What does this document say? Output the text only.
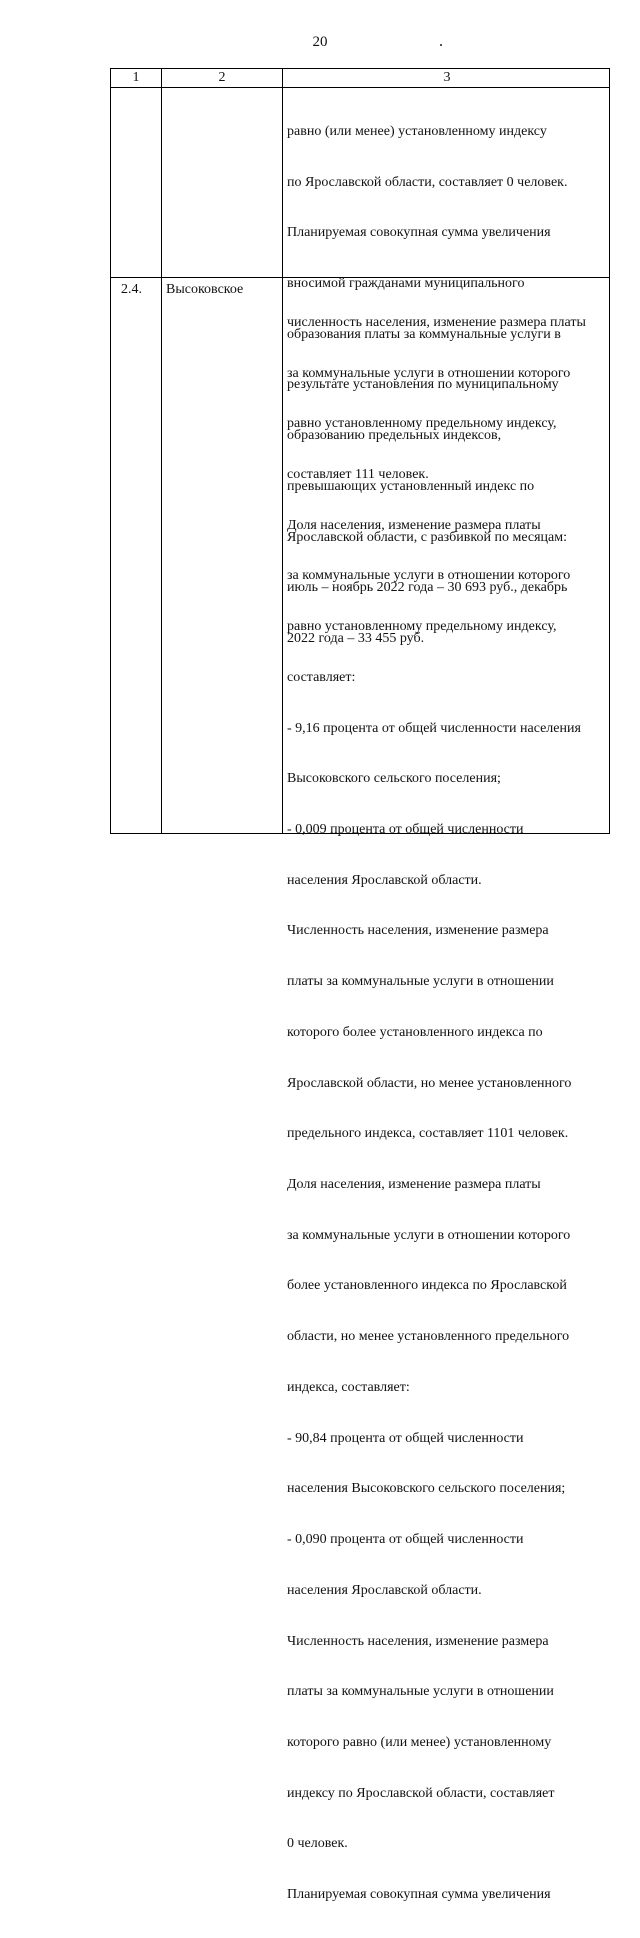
20
1	2	3

равно (или менее) установленному индексу

по Ярославской области, составляет 0 человек.

Планируемая совокупная сумма увеличения

вносимой гражданами муниципального

образования платы за коммунальные услуги в

результате установления по муниципальному

образованию предельных индексов,

превышающих установленный индекс по

Ярославской области, с разбивкой по месяцам:

июль – ноябрь 2022 года – 30 693 руб., декабрь

2022 года – 33 455 руб.

2.4. Высоковское

численность населения, изменение размера платы

за коммунальные услуги в отношении которого

равно установленному предельному индексу,

составляет 111 человек.

Доля населения, изменение размера платы

за коммунальные услуги в отношении которого

равно установленному предельному индексу,

составляет:

- 9,16 процента от общей численности населения

Высоковского сельского поселения;

- 0,009 процента от общей численности

населения Ярославской области.

Численность населения, изменение размера

платы за коммунальные услуги в отношении

которого более установленного индекса по

Ярославской области, но менее установленного

предельного индекса, составляет 1101 человек.

Доля населения, изменение размера платы

за коммунальные услуги в отношении которого

более установленного индекса по Ярославской

области, но менее установленного предельного

индекса, составляет:

- 90,84 процента от общей численности

населения Высоковского сельского поселения;

- 0,090 процента от общей численности

населения Ярославской области.

Численность населения, изменение размера

платы за коммунальные услуги в отношении

которого равно (или менее) установленному

индексу по Ярославской области, составляет

0 человек.

Планируемая совокупная сумма увеличения
